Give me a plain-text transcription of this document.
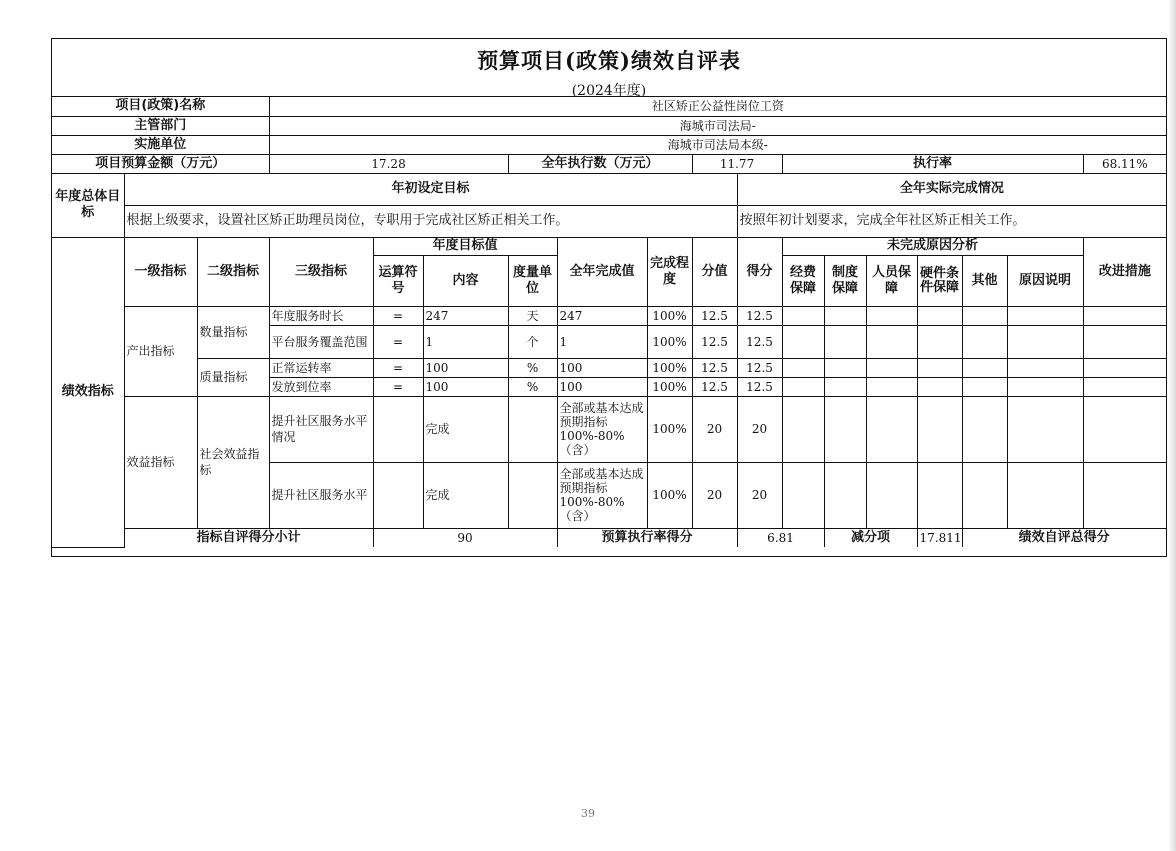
预算项目(政策)绩效自评表
(2024年度)
项目(政策)名称			社区矫正公益性岗位工资															
主管部门			海城市司法局-															
实施单位			海城市司法局本级-															
项目预算金额（万元）			17.28			全年执行数（万元）			11.77		执行率						68.11%	
年度总体目标	年初设定目标									全年实际完成情况								
	根据上级要求，设置社区矫正助理员岗位，专职用于完成社区矫正相关工作。									按照年初计划要求，完成全年社区矫正相关工作。								
绩效指标	一级指标	二级指标	三级指标	年度目标值			全年完成值	完成程度	分值	得分	未完成原因分析						改进措施	
				运算符号	内容	度量单位					经费保障	制度保障	人员保障	硬件条件保障	其他	原因说明		
	产出指标	数量指标	年度服务时长	=	247	天	247	100%	12.5	12.5								
			平台服务覆盖范围	=	1	个	1	100%	12.5	12.5								
		质量指标	正常运转率	=	100	%	100	100%	12.5	12.5								
			发放到位率	=	100	%	100	100%	12.5	12.5								
	效益指标	社会效益指标	提升社区服务水平情况		完成		全部或基本达成预期指标100%-80%（含）	100%	20	20								
			提升社区服务水平		完成		全部或基本达成预期指标100%-80%（含）	100%	20	20								
	指标自评得分小计			90			预算执行率得分			6.81		减分项		17.811	绩效自评总得分	
39
